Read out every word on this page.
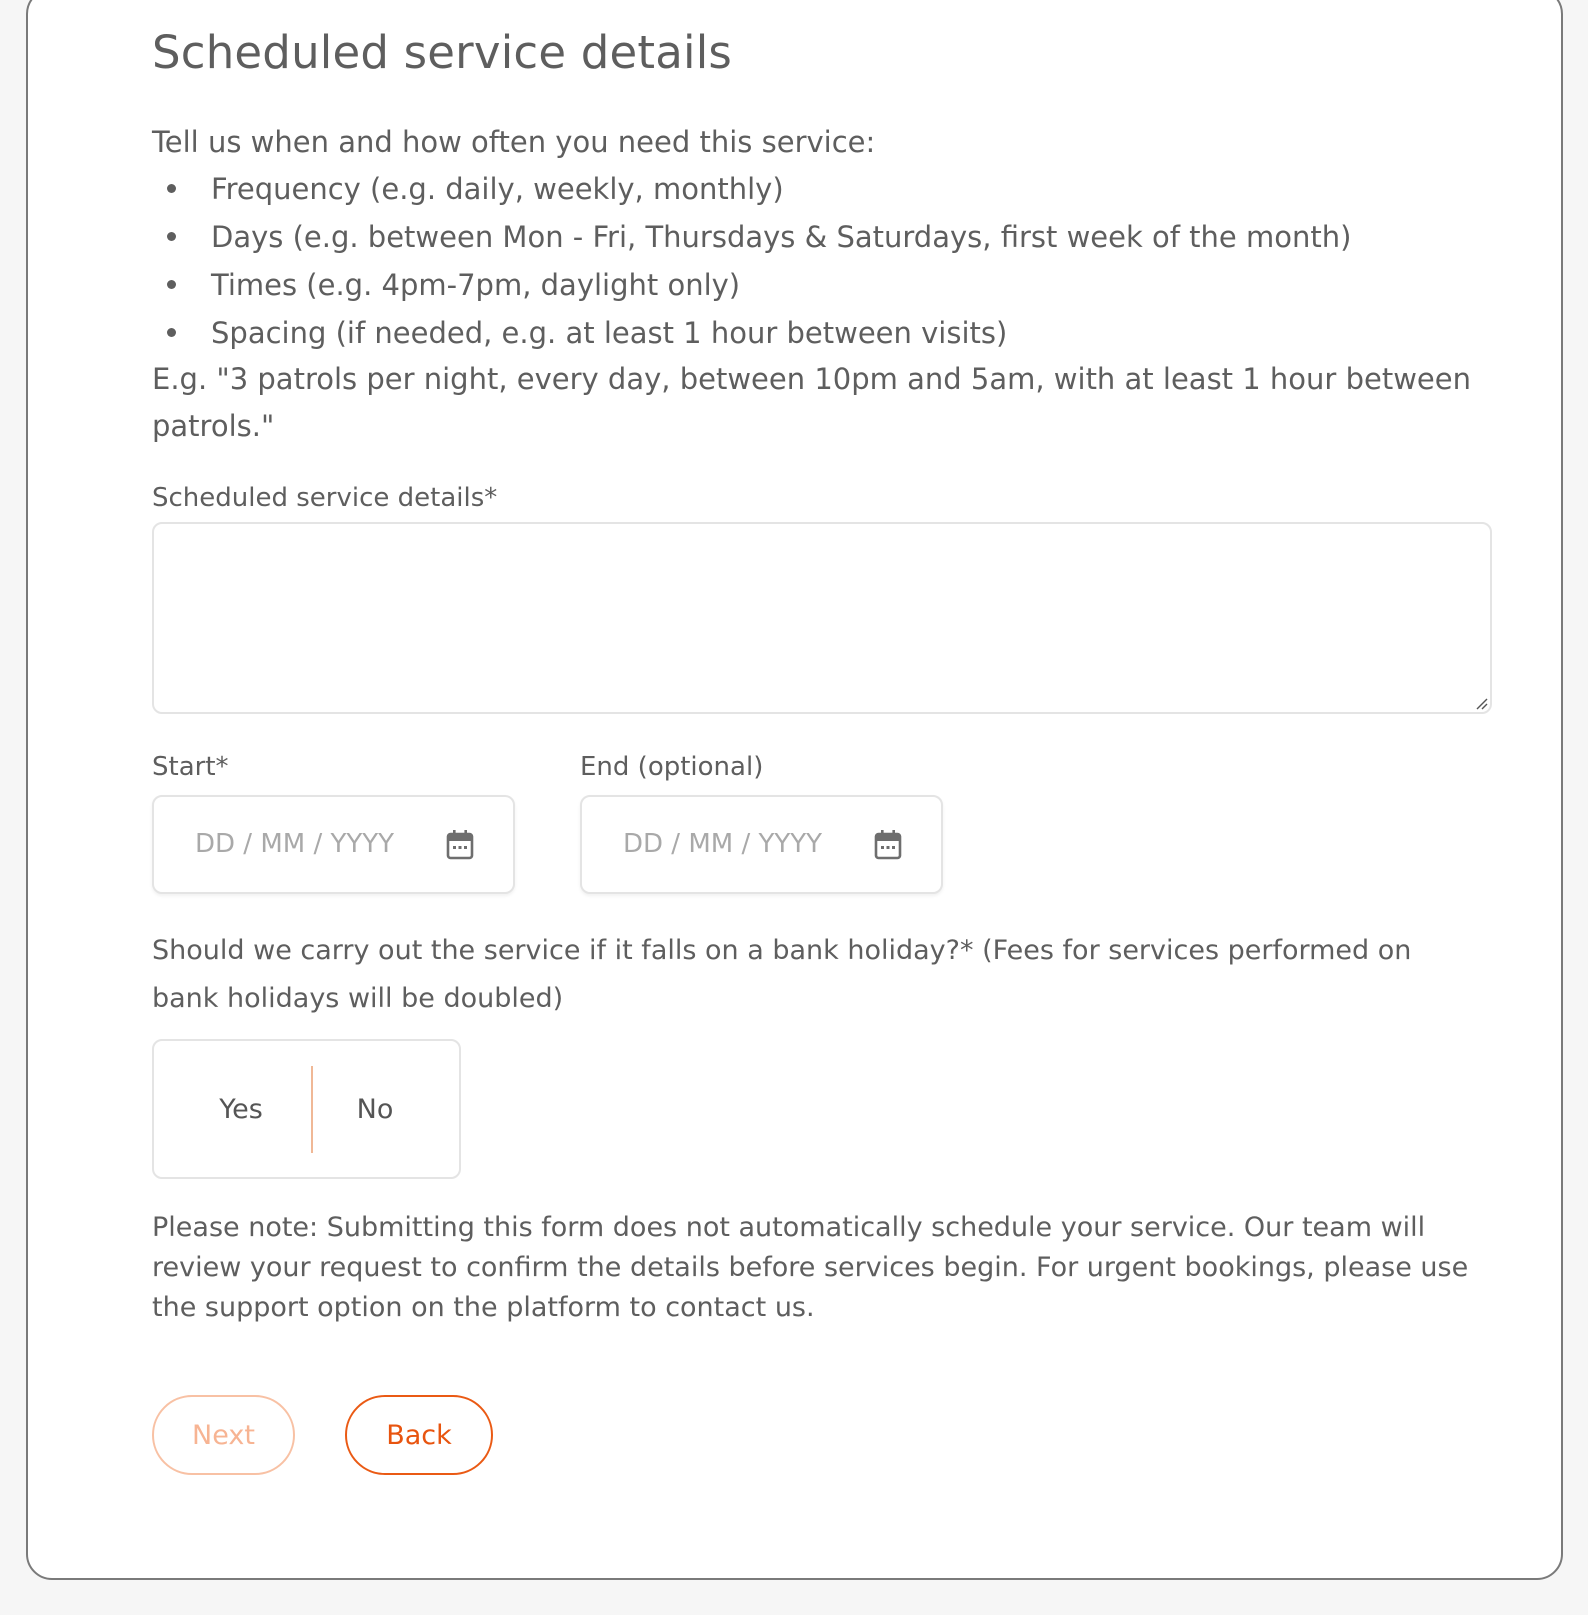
Scheduled service details

Tell us when and how often you need this service:

Frequency (e.g. daily, weekly, monthly)
Days (e.g. between Mon - Fri, Thursdays & Saturdays, first week of the month)
Times (e.g. 4pm-7pm, daylight only)
Spacing (if needed, e.g. at least 1 hour between visits)

E.g. "3 patrols per night, every day, between 10pm and 5am, with at least 1 hour between patrols."

Scheduled service details*
Start*
DD / MM / YYYY
End (optional)
DD / MM / YYYY

Should we carry out the service if it falls on a bank holiday?* (Fees for services performed on bank holidays will be doubled)

Yes	No

Please note: Submitting this form does not automatically schedule your service. Our team will review your request to confirm the details before services begin. For urgent bookings, please use the support option on the platform to contact us.

Next	Back
